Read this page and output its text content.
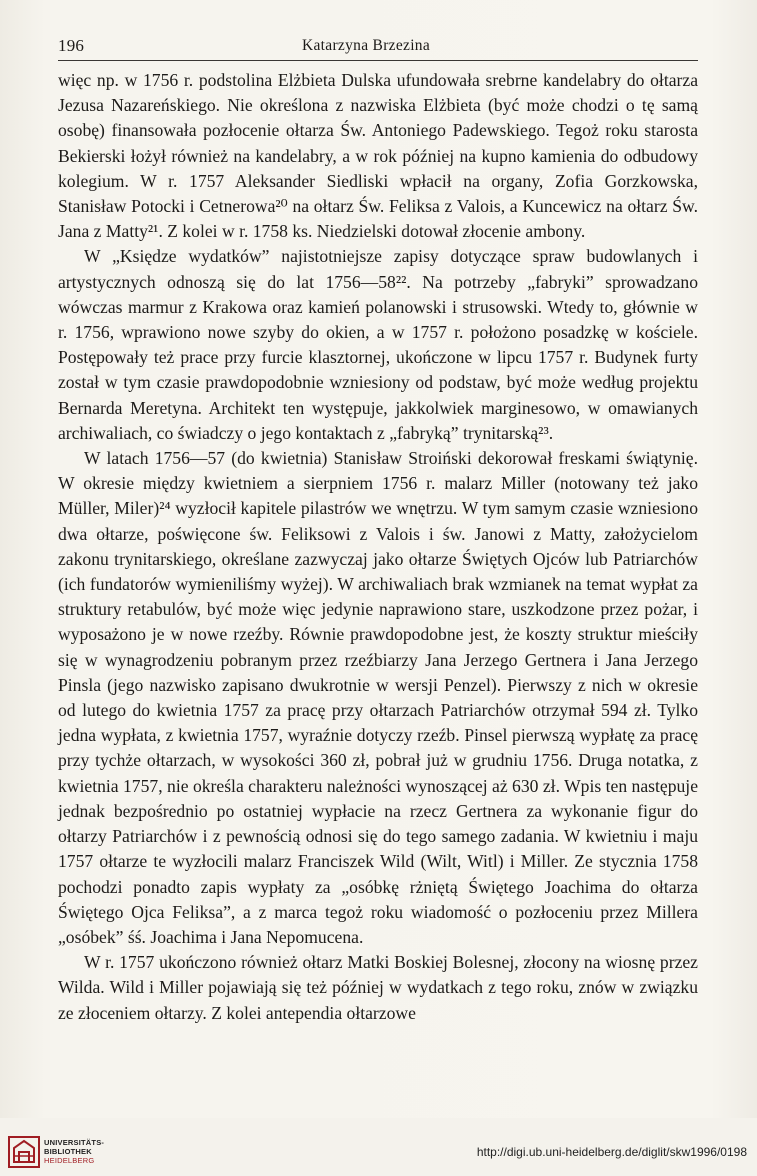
196	Katarzyna Brzezina

więc np. w 1756 r. podstolina Elżbieta Dulska ufundowała srebrne kandelabry do ołtarza Jezusa Nazareńskiego. Nie określona z nazwiska Elżbieta (być może chodzi o tę samą osobę) finansowała pozłocenie ołtarza Św. Antoniego Padewskiego. Tegoż roku starosta Bekierski łożył również na kandelabry, a w rok później na kupno kamienia do odbudowy kolegium. W r. 1757 Aleksander Siedliski wpłacił na organy, Zofia Gorzkowska, Stanisław Potocki i Cetnerowa²⁰ na ołtarz Św. Feliksa z Valois, a Kuncewicz na ołtarz Św. Jana z Matty²¹. Z kolei w r. 1758 ks. Niedzielski dotował złocenie ambony.

W „Księdze wydatków” najistotniejsze zapisy dotyczące spraw budowlanych i artystycznych odnoszą się do lat 1756—58²². Na potrzeby „fabryki” sprowadzano wówczas marmur z Krakowa oraz kamień polanowski i strusowski. Wtedy to, głównie w r. 1756, wprawiono nowe szyby do okien, a w 1757 r. położono posadzkę w kościele. Postępowały też prace przy furcie klasztornej, ukończone w lipcu 1757 r. Budynek furty został w tym czasie prawdopodobnie wzniesiony od podstaw, być może według projektu Bernarda Meretyna. Architekt ten występuje, jakkolwiek marginesowo, w omawianych archiwaliach, co świadczy o jego kontaktach z „fabryką” trynitarską²³.

W latach 1756—57 (do kwietnia) Stanisław Stroiński dekorował freskami świątynię. W okresie między kwietniem a sierpniem 1756 r. malarz Miller (notowany też jako Müller, Miler)²⁴ wyzłocił kapitele pilastrów we wnętrzu. W tym samym czasie wzniesiono dwa ołtarze, poświęcone św. Feliksowi z Valois i św. Janowi z Matty, założycielom zakonu trynitarskiego, określane zazwyczaj jako ołtarze Świętych Ojców lub Patriarchów (ich fundatorów wymieniliśmy wyżej). W archiwaliach brak wzmianek na temat wypłat za struktury retabulów, być może więc jedynie naprawiono stare, uszkodzone przez pożar, i wyposażono je w nowe rzeźby. Równie prawdopodobne jest, że koszty struktur mieściły się w wynagrodzeniu pobranym przez rzeźbiarzy Jana Jerzego Gertnera i Jana Jerzego Pinsla (jego nazwisko zapisano dwukrotnie w wersji Penzel). Pierwszy z nich w okresie od lutego do kwietnia 1757 za pracę przy ołtarzach Patriarchów otrzymał 594 zł. Tylko jedna wypłata, z kwietnia 1757, wyraźnie dotyczy rzeźb. Pinsel pierwszą wypłatę za pracę przy tychże ołtarzach, w wysokości 360 zł, pobrał już w grudniu 1756. Druga notatka, z kwietnia 1757, nie określa charakteru należności wynoszącej aż 630 zł. Wpis ten następuje jednak bezpośrednio po ostatniej wypłacie na rzecz Gertnera za wykonanie figur do ołtarzy Patriarchów i z pewnością odnosi się do tego samego zadania. W kwietniu i maju 1757 ołtarze te wyzłocili malarz Franciszek Wild (Wilt, Witl) i Miller. Ze stycznia 1758 pochodzi ponadto zapis wypłaty za „osóbkę rżniętą Świętego Joachima do ołtarza Świętego Ojca Feliksa”, a z marca tegoż roku wiadomość o pozłoceniu przez Millera „osóbek” śś. Joachima i Jana Nepomucena.

W r. 1757 ukończono również ołtarz Matki Boskiej Bolesnej, złocony na wiosnę przez Wilda. Wild i Miller pojawiają się też później w wydatkach z tego roku, znów w związku ze złoceniem ołtarzy. Z kolei antependia ołtarzowe

UNIVERSITÄTS-
BIBLIOTHEK
HEIDELBERG
http://digi.ub.uni-heidelberg.de/diglit/skw1996/0198
